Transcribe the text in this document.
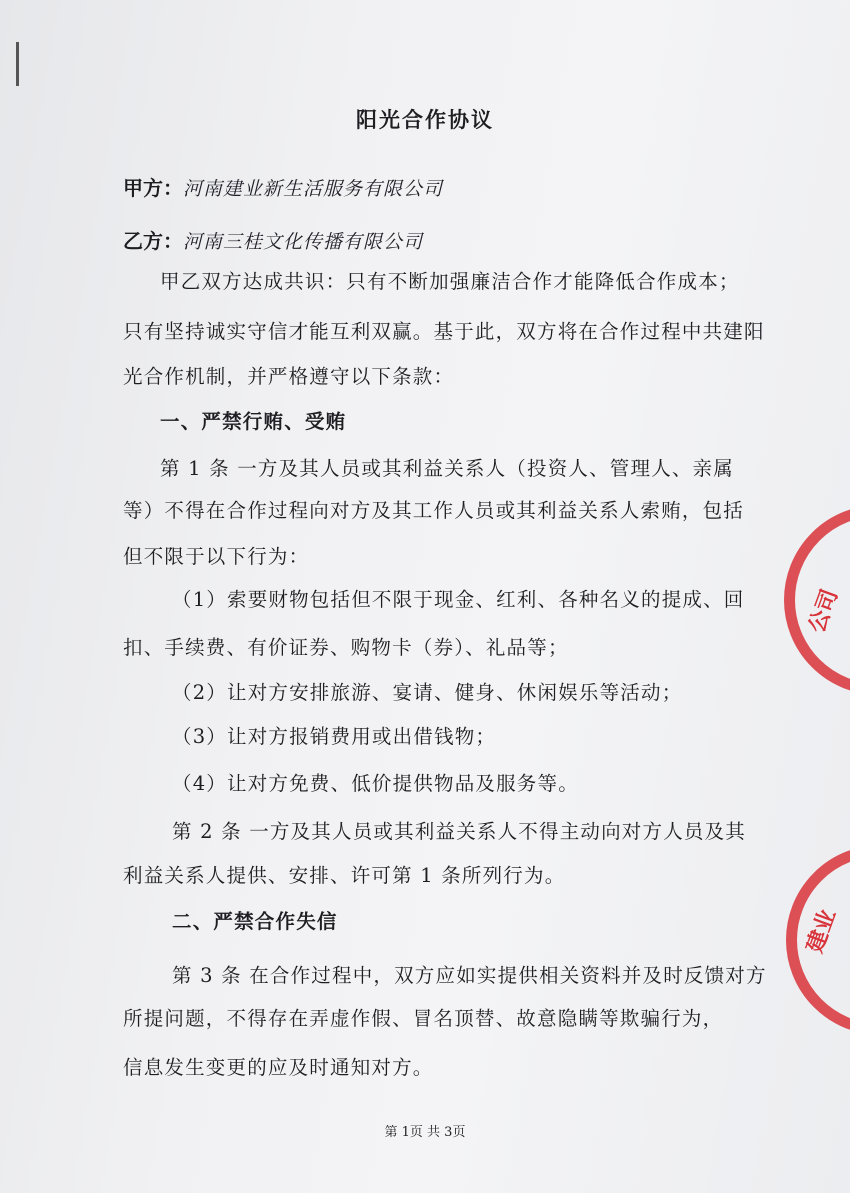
阳光合作协议
甲方：河南建业新生活服务有限公司
乙方：河南三桂文化传播有限公司
甲乙双方达成共识：只有不断加强廉洁合作才能降低合作成本；
只有坚持诚实守信才能互利双赢。基于此，双方将在合作过程中共建阳
光合作机制，并严格遵守以下条款：
一、严禁行贿、受贿
第 1 条 一方及其人员或其利益关系人（投资人、管理人、亲属
等）不得在合作过程向对方及其工作人员或其利益关系人索贿，包括
但不限于以下行为：
（1）索要财物包括但不限于现金、红利、各种名义的提成、回
扣、手续费、有价证券、购物卡（券）、礼品等；
（2）让对方安排旅游、宴请、健身、休闲娱乐等活动；
（3）让对方报销费用或出借钱物；
（4）让对方免费、低价提供物品及服务等。
第 2 条 一方及其人员或其利益关系人不得主动向对方人员及其
利益关系人提供、安排、许可第 1 条所列行为。
二、严禁合作失信
第 3 条 在合作过程中，双方应如实提供相关资料并及时反馈对方
所提问题，不得存在弄虚作假、冒名顶替、故意隐瞒等欺骗行为，
信息发生变更的应及时通知对方。
第 1页 共 3页
公司
建业
